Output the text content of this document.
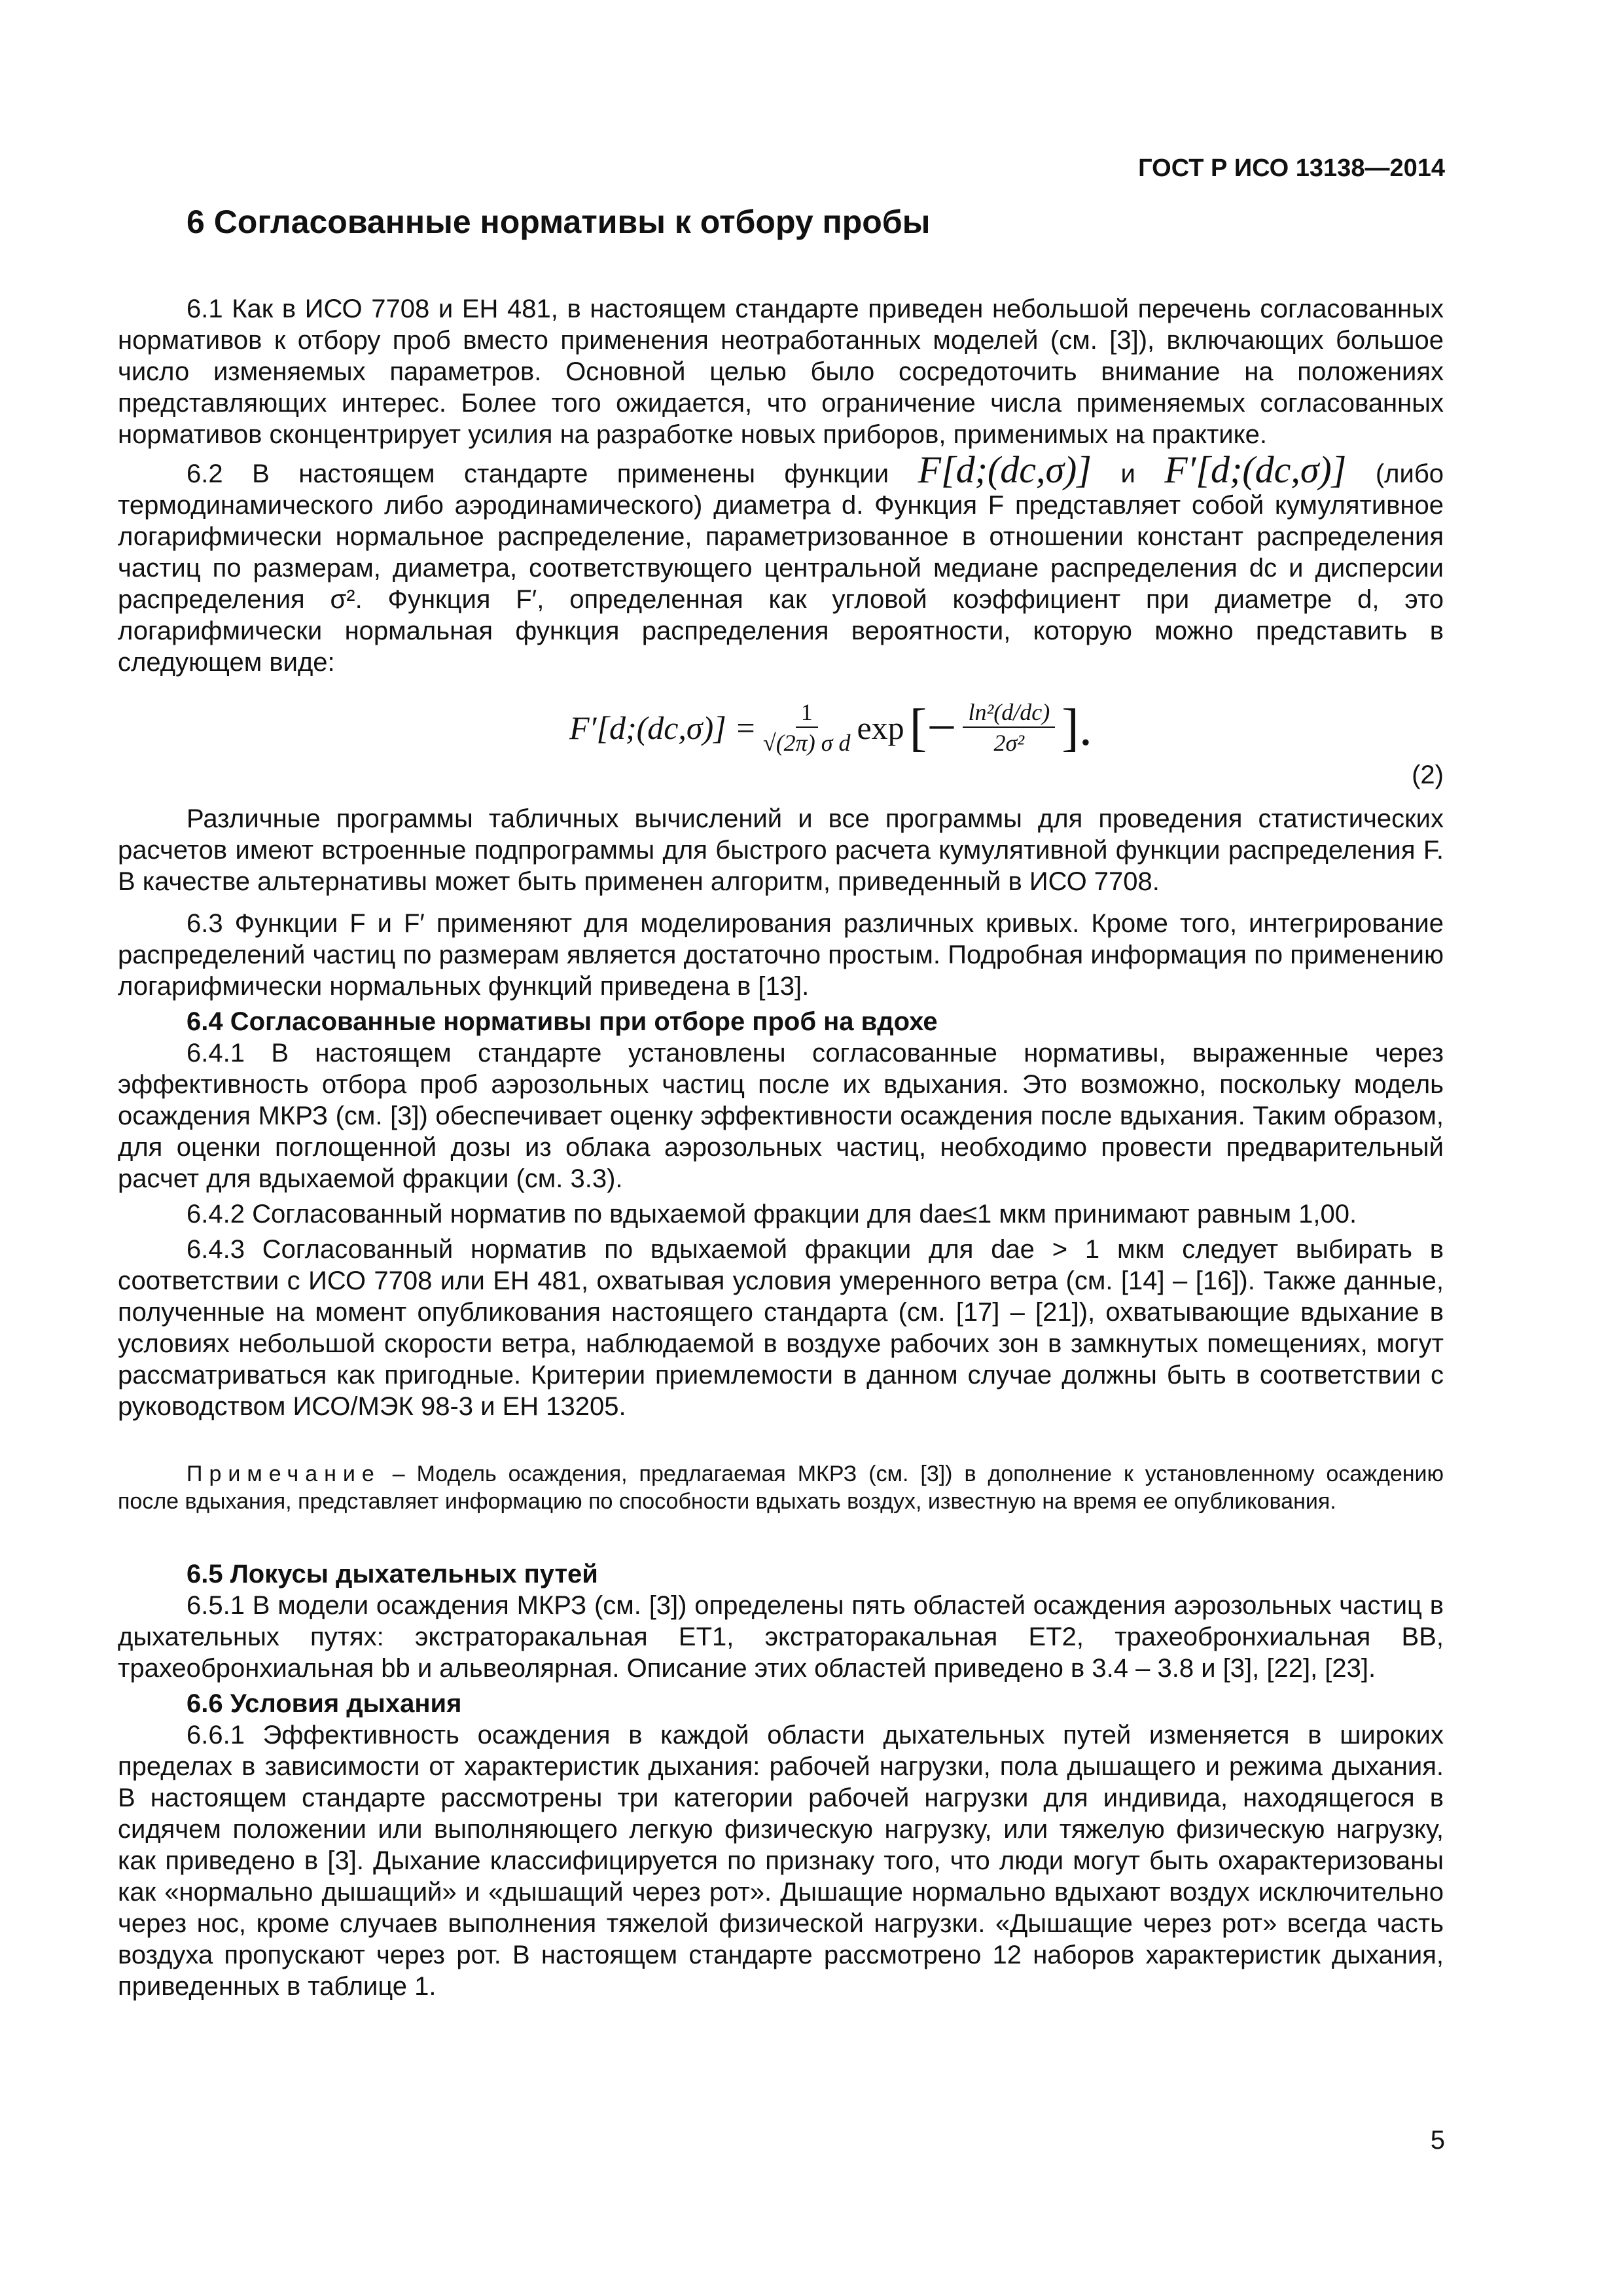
ГОСТ Р ИСО 13138—2014
6 Согласованные нормативы к отбору пробы

6.1 Как в ИСО 7708 и ЕН 481, в настоящем стандарте приведен небольшой перечень согласованных нормативов к отбору проб вместо применения неотработанных моделей (см. [3]), включающих большое число изменяемых параметров. Основной целью было сосредоточить внимание на положениях представляющих интерес. Более того ожидается, что ограничение числа применяемых согласованных нормативов сконцентрирует усилия на разработке новых приборов, применимых на практике.

6.2 В настоящем стандарте применены функции F[d;(dc,σ)] и F′[d;(dc,σ)] (либо термодинамического либо аэродинамического) диаметра d. Функция F представляет собой кумулятивное логарифмически нормальное распределение, параметризованное в отношении констант распределения частиц по размерам, диаметра, соответствующего центральной медиане распределения dc и дисперсии распределения σ². Функция F′, определенная как угловой коэффициент при диаметре d, это логарифмически нормальная функция распределения вероятности, которую можно представить в следующем виде:

F′[d;(dc,σ)] = $\frac{1}{\text{√(2π) σ d}}$ exp [− $\frac{\text{ln²(d/dc)}}{\text{2σ²}}$ ].
(2)

Различные программы табличных вычислений и все программы для проведения статистических расчетов имеют встроенные подпрограммы для быстрого расчета кумулятивной функции распределения F. В качестве альтернативы может быть применен алгоритм, приведенный в ИСО 7708.

6.3 Функции F и F′ применяют для моделирования различных кривых. Кроме того, интегрирование распределений частиц по размерам является достаточно простым. Подробная информация по применению логарифмически нормальных функций приведена в [13].

6.4 Согласованные нормативы при отборе проб на вдохе

6.4.1 В настоящем стандарте установлены согласованные нормативы, выраженные через эффективность отбора проб аэрозольных частиц после их вдыхания. Это возможно, поскольку модель осаждения МКРЗ (см. [3]) обеспечивает оценку эффективности осаждения после вдыхания. Таким образом, для оценки поглощенной дозы из облака аэрозольных частиц, необходимо провести предварительный расчет для вдыхаемой фракции (см. 3.3).

6.4.2 Согласованный норматив по вдыхаемой фракции для dae≤1 мкм принимают равным 1,00.

6.4.3 Согласованный норматив по вдыхаемой фракции для dae > 1 мкм следует выбирать в соответствии с ИСО 7708 или ЕН 481, охватывая условия умеренного ветра (см. [14] – [16]). Также данные, полученные на момент опубликования настоящего стандарта (см. [17] – [21]), охватывающие вдыхание в условиях небольшой скорости ветра, наблюдаемой в воздухе рабочих зон в замкнутых помещениях, могут рассматриваться как пригодные. Критерии приемлемости в данном случае должны быть в соответствии с руководством ИСО/МЭК 98-3 и ЕН 13205.

Примечание – Модель осаждения, предлагаемая МКРЗ (см. [3]) в дополнение к установленному осаждению после вдыхания, представляет информацию по способности вдыхать воздух, известную на время ее опубликования.
6.5 Локусы дыхательных путей

6.5.1 В модели осаждения МКРЗ (см. [3]) определены пять областей осаждения аэрозольных частиц в дыхательных путях: экстраторакальная ET1, экстраторакальная ET2, трахеобронхиальная ВВ, трахеобронхиальная bb и альвеолярная. Описание этих областей приведено в 3.4 – 3.8 и [3], [22], [23].

6.6 Условия дыхания

6.6.1 Эффективность осаждения в каждой области дыхательных путей изменяется в широких пределах в зависимости от характеристик дыхания: рабочей нагрузки, пола дышащего и режима дыхания. В настоящем стандарте рассмотрены три категории рабочей нагрузки для индивида, находящегося в сидячем положении или выполняющего легкую физическую нагрузку, или тяжелую физическую нагрузку, как приведено в [3]. Дыхание классифицируется по признаку того, что люди могут быть охарактеризованы как «нормально дышащий» и «дышащий через рот». Дышащие нормально вдыхают воздух исключительно через нос, кроме случаев выполнения тяжелой физической нагрузки. «Дышащие через рот» всегда часть воздуха пропускают через рот. В настоящем стандарте рассмотрено 12 наборов характеристик дыхания, приведенных в таблице 1.

5
